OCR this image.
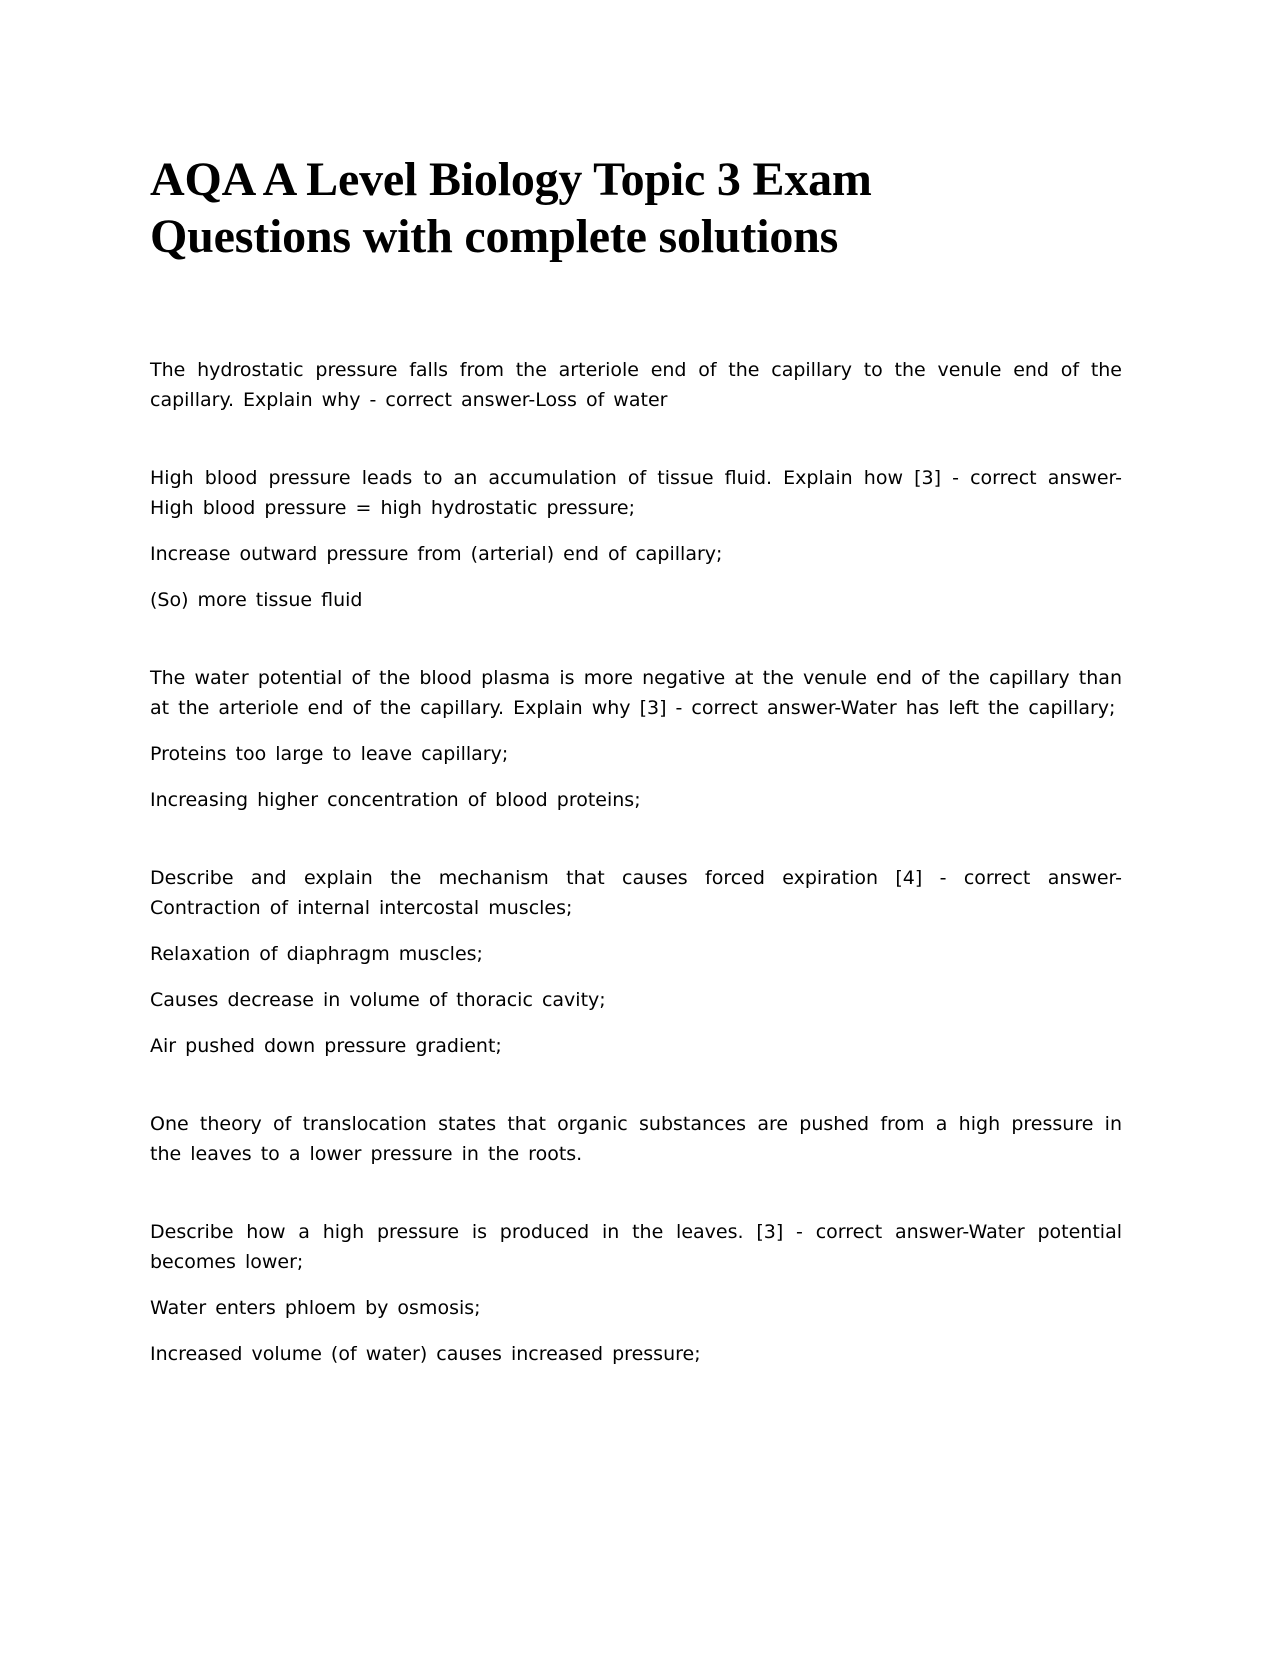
AQA A Level Biology Topic 3 Exam Questions with complete solutions

The hydrostatic pressure falls from the arteriole end of the capillary to the venule end of the capillary. Explain why - correct answer-Loss of water

High blood pressure leads to an accumulation of tissue fluid. Explain how [3] - correct answer-High blood pressure = high hydrostatic pressure;

Increase outward pressure from (arterial) end of capillary;

(So) more tissue fluid

The water potential of the blood plasma is more negative at the venule end of the capillary than at the arteriole end of the capillary. Explain why [3] - correct answer-Water has left the capillary;

Proteins too large to leave capillary;

Increasing higher concentration of blood proteins;

Describe and explain the mechanism that causes forced expiration [4] - correct answer-Contraction of internal intercostal muscles;

Relaxation of diaphragm muscles;

Causes decrease in volume of thoracic cavity;

Air pushed down pressure gradient;

One theory of translocation states that organic substances are pushed from a high pressure in the leaves to a lower pressure in the roots.

Describe how a high pressure is produced in the leaves. [3] - correct answer-Water potential becomes lower;

Water enters phloem by osmosis;

Increased volume (of water) causes increased pressure;
